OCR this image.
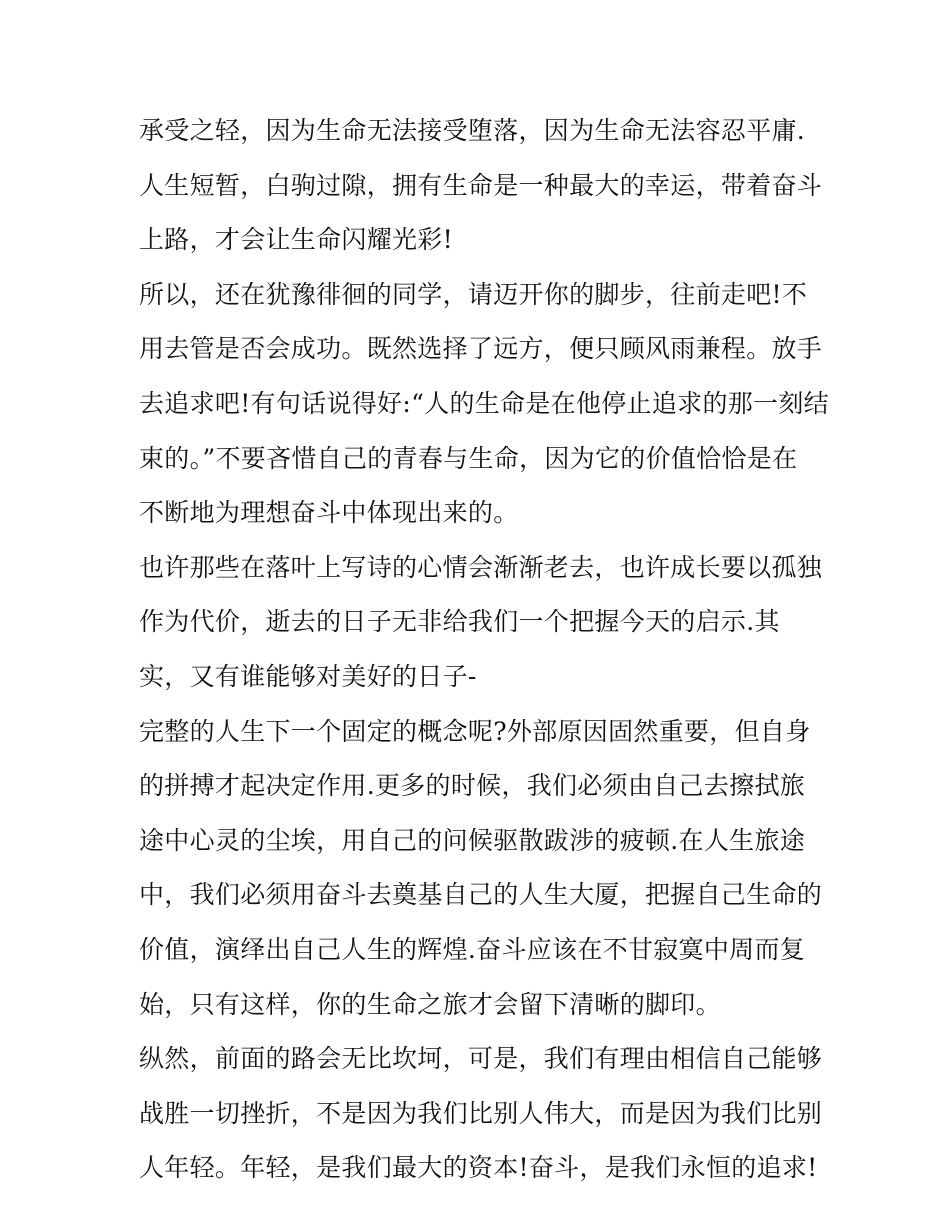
承受之轻，因为生命无法接受堕落，因为生命无法容忍平庸.
人生短暂，白驹过隙，拥有生命是一种最大的幸运，带着奋斗
上路，才会让生命闪耀光彩!
所以，还在犹豫徘徊的同学，请迈开你的脚步，往前走吧!不
用去管是否会成功。既然选择了远方，便只顾风雨兼程。放手
去追求吧!有句话说得好:“人的生命是在他停止追求的那一刻结
束的。”不要吝惜自己的青春与生命，因为它的价值恰恰是在
不断地为理想奋斗中体现出来的。
也许那些在落叶上写诗的心情会渐渐老去，也许成长要以孤独
作为代价，逝去的日子无非给我们一个把握今天的启示.其
实，又有谁能够对美好的日子-
完整的人生下一个固定的概念呢?外部原因固然重要，但自身
的拼搏才起决定作用.更多的时候，我们必须由自己去擦拭旅
途中心灵的尘埃，用自己的问候驱散跋涉的疲顿.在人生旅途
中，我们必须用奋斗去奠基自己的人生大厦，把握自己生命的
价值，演绎出自己人生的辉煌.奋斗应该在不甘寂寞中周而复
始，只有这样，你的生命之旅才会留下清晰的脚印。
纵然，前面的路会无比坎坷，可是，我们有理由相信自己能够
战胜一切挫折，不是因为我们比别人伟大，而是因为我们比别
人年轻。年轻，是我们最大的资本!奋斗，是我们永恒的追求!
